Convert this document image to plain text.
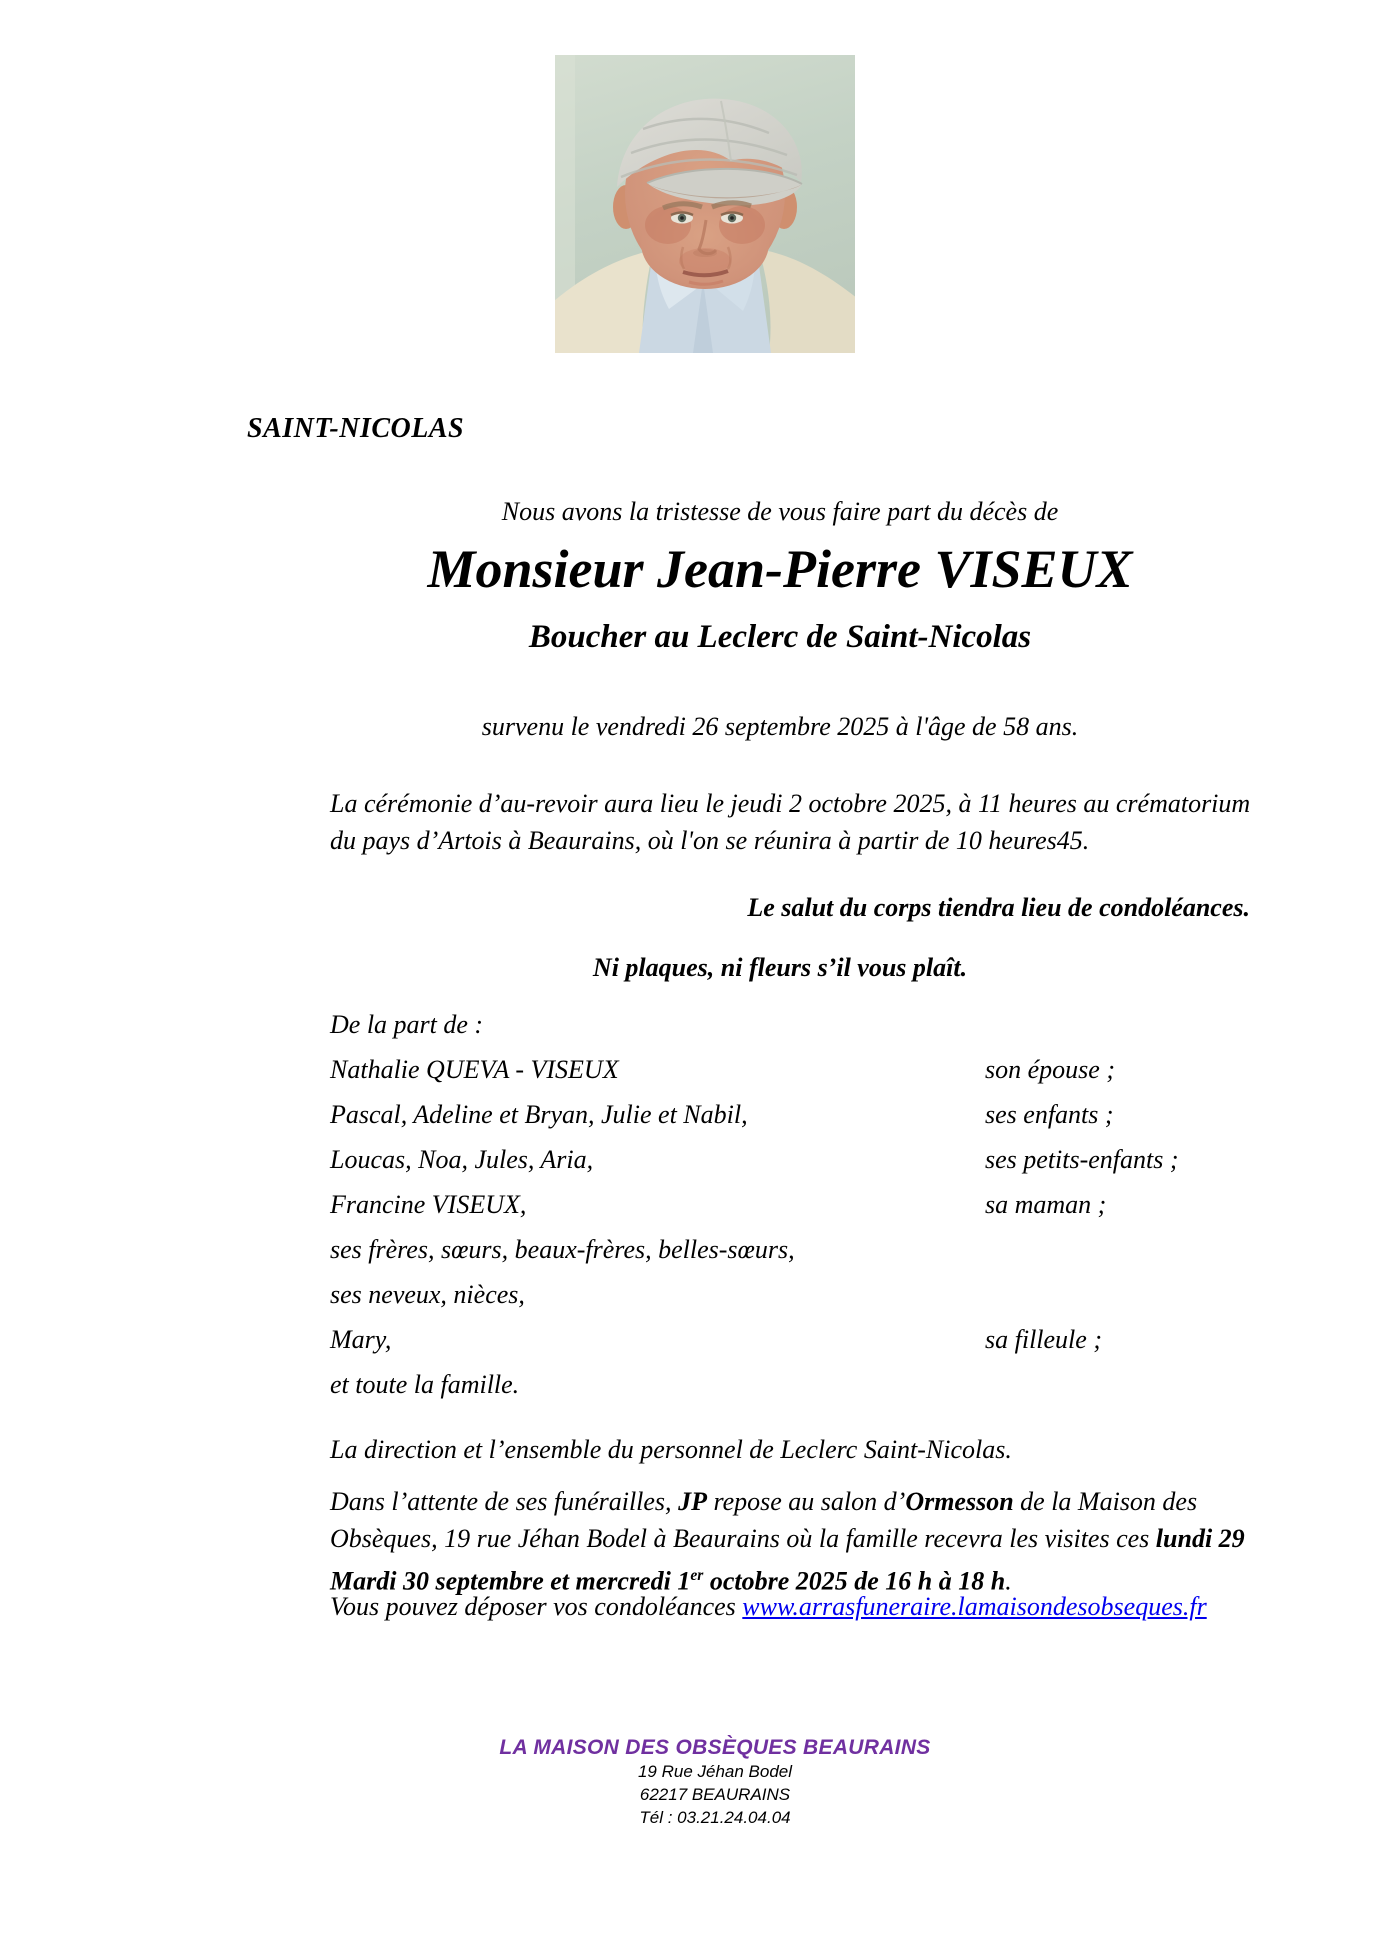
SAINT-NICOLAS
Nous avons la tristesse de vous faire part du décès de
Monsieur Jean-Pierre VISEUX
Boucher au Leclerc de Saint-Nicolas
survenu le vendredi 26 septembre 2025 à l'âge de 58 ans.
La cérémonie d’au-revoir aura lieu le jeudi 2 octobre 2025, à 11 heures au crématorium
du pays d’Artois à Beaurains, où l'on se réunira à partir de 10 heures45.
Le salut du corps tiendra lieu de condoléances.
Ni plaques, ni fleurs s’il vous plaît.
De la part de :
Nathalie QUEVA - VISEUX	son épouse ;
Pascal, Adeline et Bryan, Julie et Nabil,	ses enfants ;
Loucas, Noa, Jules, Aria,	ses petits-enfants ;
Francine VISEUX,	sa maman ;
ses frères, sœurs, beaux-frères, belles-sœurs,
ses neveux, nièces,
Mary,	sa filleule ;
et toute la famille.
La direction et l’ensemble du personnel de Leclerc Saint-Nicolas.
Dans l’attente de ses funérailles, JP repose au salon d’Ormesson de la Maison des
Obsèques, 19 rue Jéhan Bodel à Beaurains où la famille recevra les visites ces lundi 29
Mardi 30 septembre et mercredi 1er octobre 2025 de 16 h à 18 h.
Vous pouvez déposer vos condoléances www.arrasfuneraire.lamaisondesobseques.fr
LA MAISON DES OBSÈQUES BEAURAINS
19 Rue Jéhan Bodel
62217 BEAURAINS
Tél : 03.21.24.04.04
